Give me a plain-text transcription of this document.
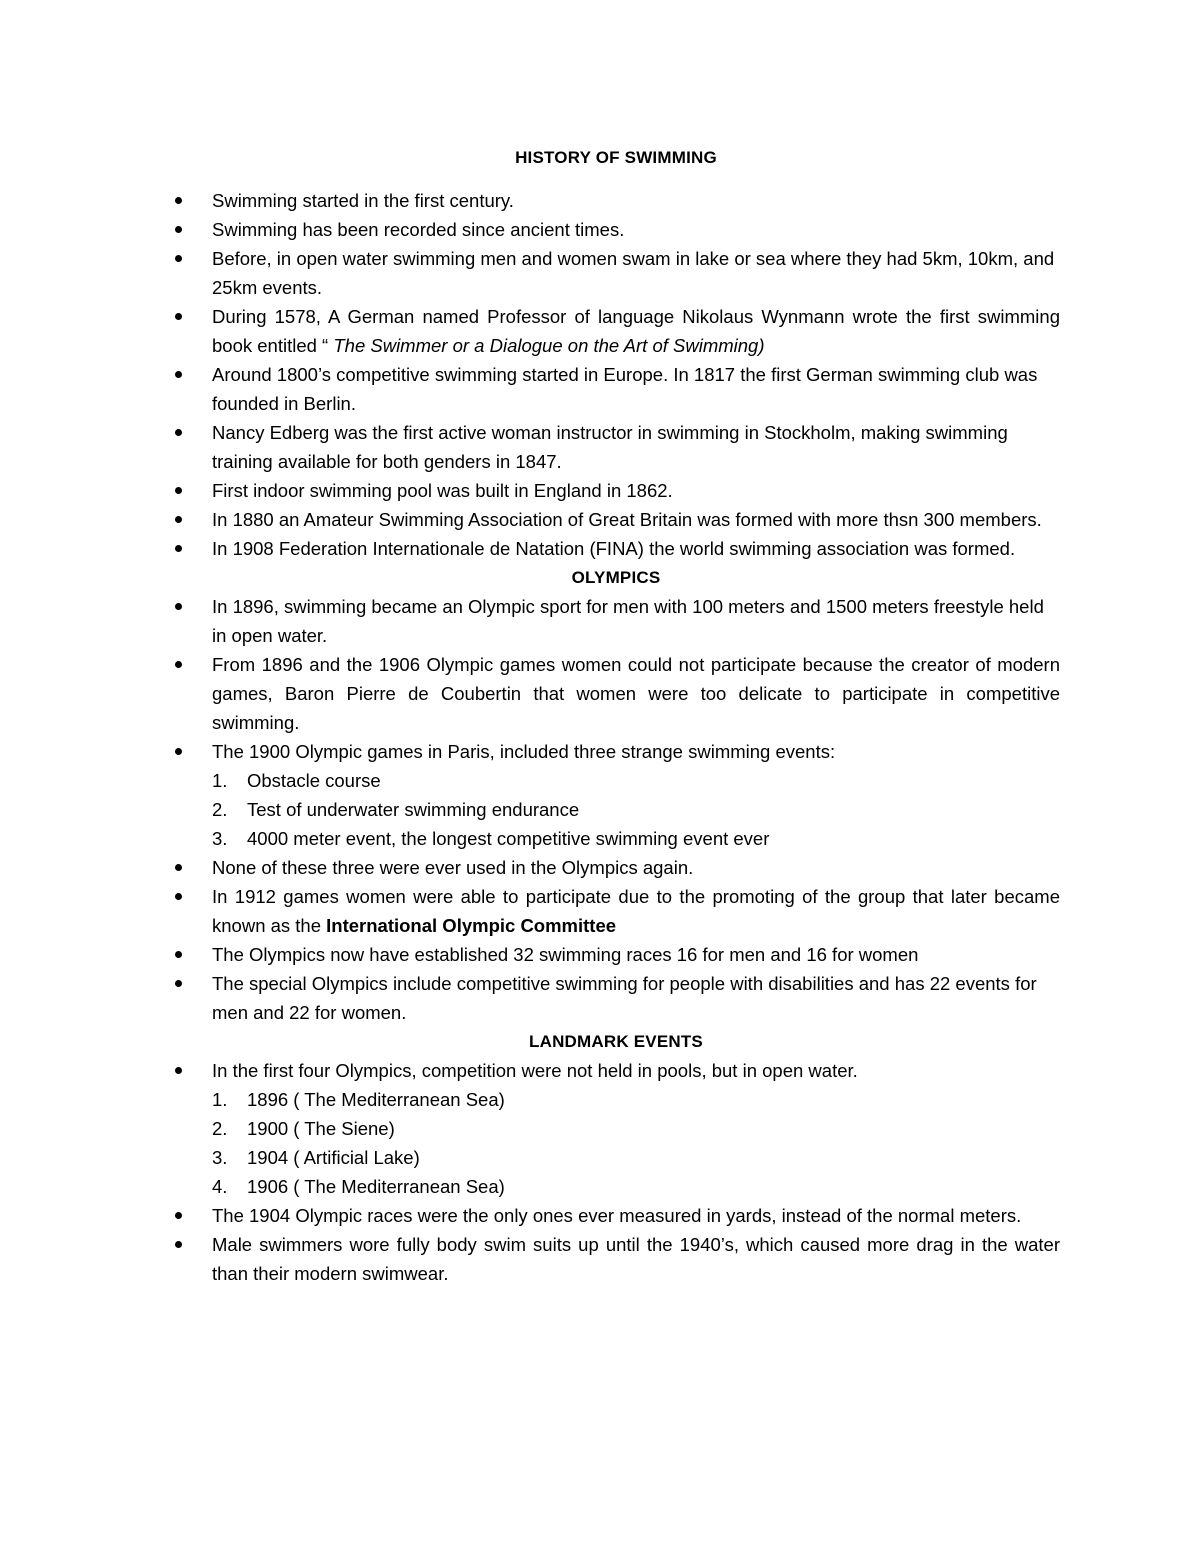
HISTORY OF SWIMMING
Swimming started in the first century.
Swimming has been recorded since ancient times.
Before, in open water swimming men and women swam in lake or sea where they had 5km, 10km, and 25km events.
During 1578, A German named Professor of language Nikolaus Wynmann wrote the first swimming book entitled “ The Swimmer or a Dialogue on the Art of Swimming)
Around 1800’s competitive swimming started in Europe. In 1817 the first German swimming club was founded in Berlin.
Nancy Edberg was the first active woman instructor in swimming in Stockholm, making swimming training available for both genders in 1847.
First indoor swimming pool was built in England in 1862.
In 1880 an Amateur Swimming Association of Great Britain was formed with more thsn 300 members.
In 1908 Federation Internationale de Natation (FINA) the world swimming association was formed.
OLYMPICS
In 1896, swimming became an Olympic sport for men with 100 meters and 1500 meters freestyle held in open water.
From 1896 and the 1906 Olympic games women could not participate because the creator of modern games, Baron Pierre de Coubertin that women were too delicate to participate in competitive swimming.
The 1900 Olympic games in Paris, included three strange swimming events:
1. Obstacle course
2. Test of underwater swimming endurance
3. 4000 meter event, the longest competitive swimming event ever
None of these three were ever used in the Olympics again.
In 1912 games women were able to participate due to the promoting of the group that later became known as the International Olympic Committee
The Olympics now have established 32 swimming races 16 for men and 16 for women
The special Olympics include competitive swimming for people with disabilities and has 22 events for men and 22 for women.
LANDMARK EVENTS
In the first four Olympics, competition were not held in pools, but in open water.
1. 1896 ( The Mediterranean Sea)
2. 1900 ( The Siene)
3. 1904 ( Artificial Lake)
4. 1906 ( The Mediterranean Sea)
The 1904 Olympic races were the only ones ever measured in yards, instead of the normal meters.
Male swimmers wore fully body swim suits up until the 1940’s, which caused more drag in the water than their modern swimwear.
